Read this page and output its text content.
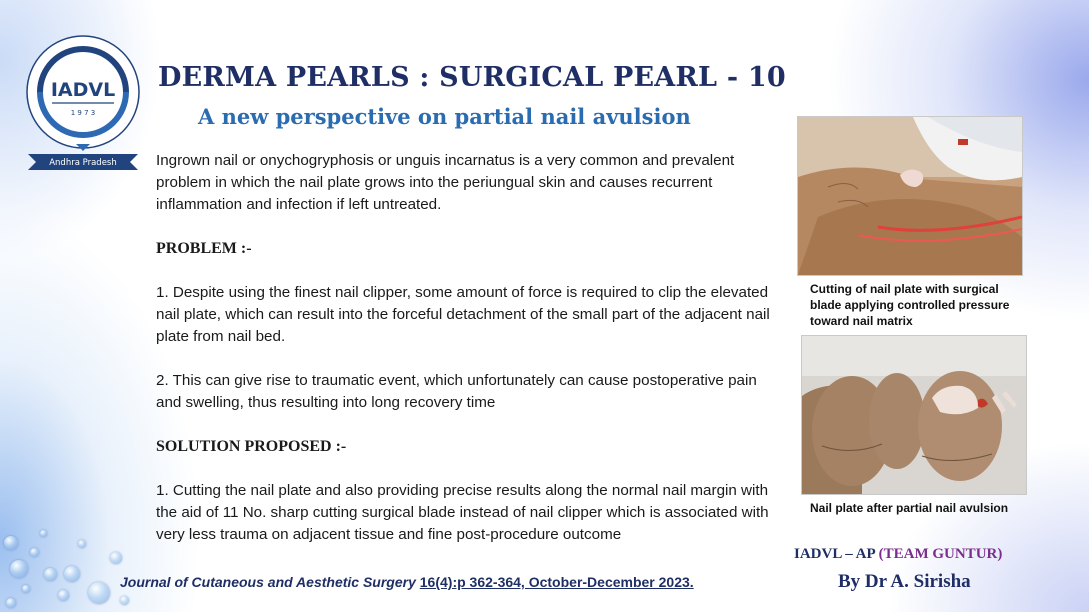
IADVL
1 9 7 3
Andhra Pradesh
DERMA PEARLS : SURGICAL PEARL - 10
A new perspective on partial nail avulsion

Ingrown nail or onychogryphosis or unguis incarnatus is a very common and prevalent problem in which the nail plate grows into the periungual skin and causes recurrent inflammation and infection if left untreated.

PROBLEM :-

1. Despite using the finest nail clipper, some amount of force is required to clip the elevated nail plate, which can result into the forceful detachment of the small part of the adjacent nail plate from nail bed.

2. This can give rise to traumatic event, which unfortunately can cause postoperative pain and swelling, thus resulting into long recovery time

SOLUTION PROPOSED :-

1. Cutting the nail plate and also providing precise results along the normal nail margin with the aid of 11 No. sharp cutting surgical blade instead of nail clipper which is associated with very less trauma on adjacent tissue and fine post-procedure outcome

Journal of Cutaneous and Aesthetic Surgery 16(4):p 362-364, October-December 2023.
Cutting of nail plate with surgical blade applying controlled pressure toward nail matrix
Nail plate after partial nail avulsion
IADVL – AP (TEAM GUNTUR)
By Dr A. Sirisha
